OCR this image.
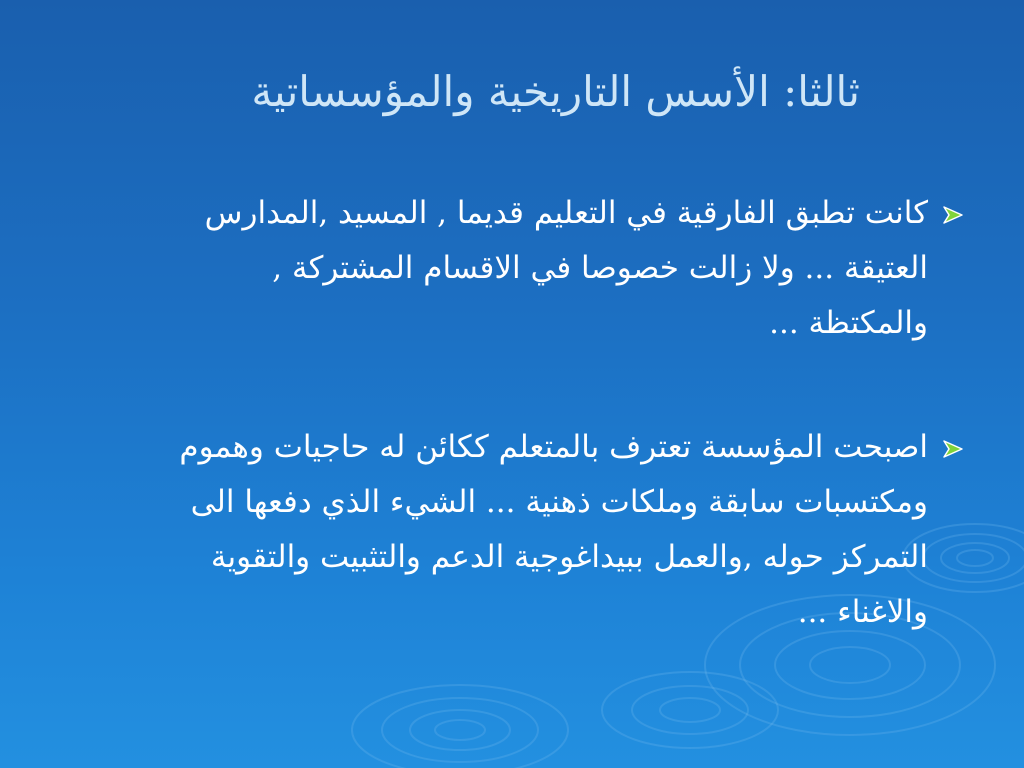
ثالثا: الأسس التاريخية والمؤسساتية
كانت تطبق الفارقية في التعليم قديما , المسيد ,المدارس
العتيقة ... ولا زالت خصوصا في الاقسام المشتركة ,
والمكتظة ...
اصبحت المؤسسة تعترف بالمتعلم ككائن له حاجيات وهموم
ومكتسبات سابقة وملكات ذهنية ... الشيء الذي دفعها الى
التمركز حوله ,والعمل ببيداغوجية الدعم والتثبيت والتقوية
والاغناء ...
